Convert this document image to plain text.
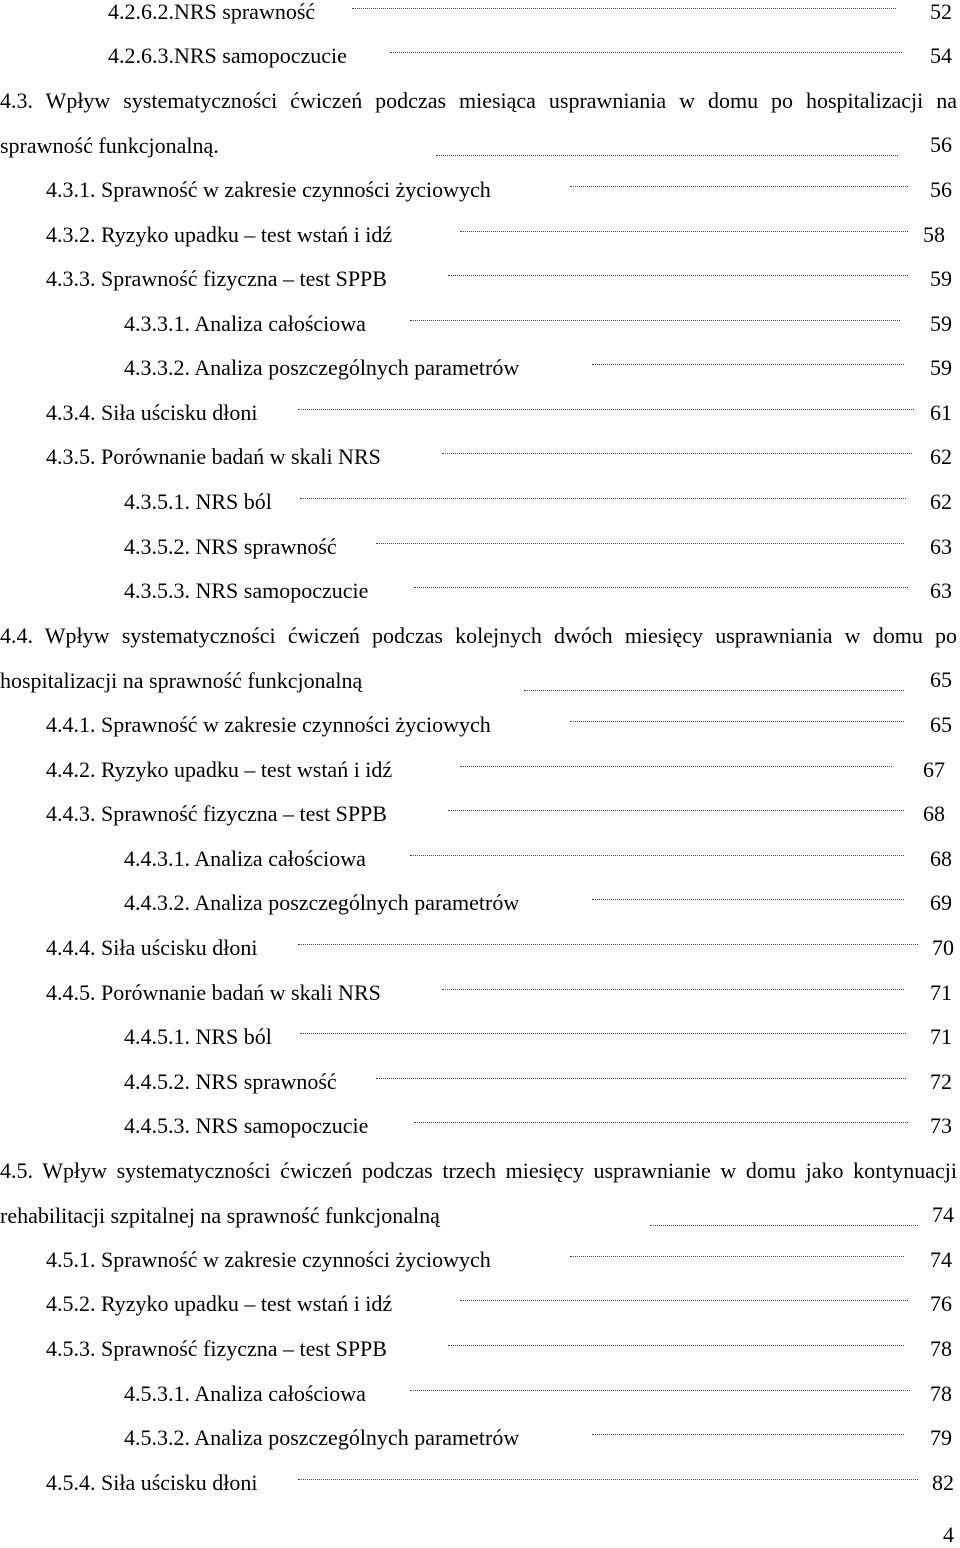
4.2.6.2.NRS sprawność	52
4.2.6.3.NRS samopoczucie	54
4.3. Wpływ systematyczności ćwiczeń podczas miesiąca usprawniania w domu po hospitalizacji na sprawność funkcjonalną.	56
4.3.1. Sprawność w zakresie czynności życiowych	56
4.3.2. Ryzyko upadku – test wstań i idź	58
4.3.3. Sprawność fizyczna – test SPPB	59
4.3.3.1. Analiza całościowa	59
4.3.3.2. Analiza poszczególnych parametrów	59
4.3.4. Siła uścisku dłoni	61
4.3.5. Porównanie badań w skali NRS	62
4.3.5.1. NRS ból	62
4.3.5.2. NRS sprawność	63
4.3.5.3. NRS samopoczucie	63
4.4. Wpływ systematyczności ćwiczeń podczas kolejnych dwóch miesięcy usprawniania w domu po hospitalizacji na sprawność funkcjonalną	65
4.4.1. Sprawność w zakresie czynności życiowych	65
4.4.2. Ryzyko upadku – test wstań i idź	67
4.4.3. Sprawność fizyczna – test SPPB	68
4.4.3.1. Analiza całościowa	68
4.4.3.2. Analiza poszczególnych parametrów	69
4.4.4. Siła uścisku dłoni	70
4.4.5. Porównanie badań w skali NRS	71
4.4.5.1. NRS ból	71
4.4.5.2. NRS sprawność	72
4.4.5.3. NRS samopoczucie	73
4.5. Wpływ systematyczności ćwiczeń podczas trzech miesięcy usprawnianie w domu jako kontynuacji rehabilitacji szpitalnej na sprawność funkcjonalną	74
4.5.1. Sprawność w zakresie czynności życiowych	74
4.5.2. Ryzyko upadku – test wstań i idź	76
4.5.3. Sprawność fizyczna – test SPPB	78
4.5.3.1. Analiza całościowa	78
4.5.3.2. Analiza poszczególnych parametrów	79
4.5.4. Siła uścisku dłoni	82
4
